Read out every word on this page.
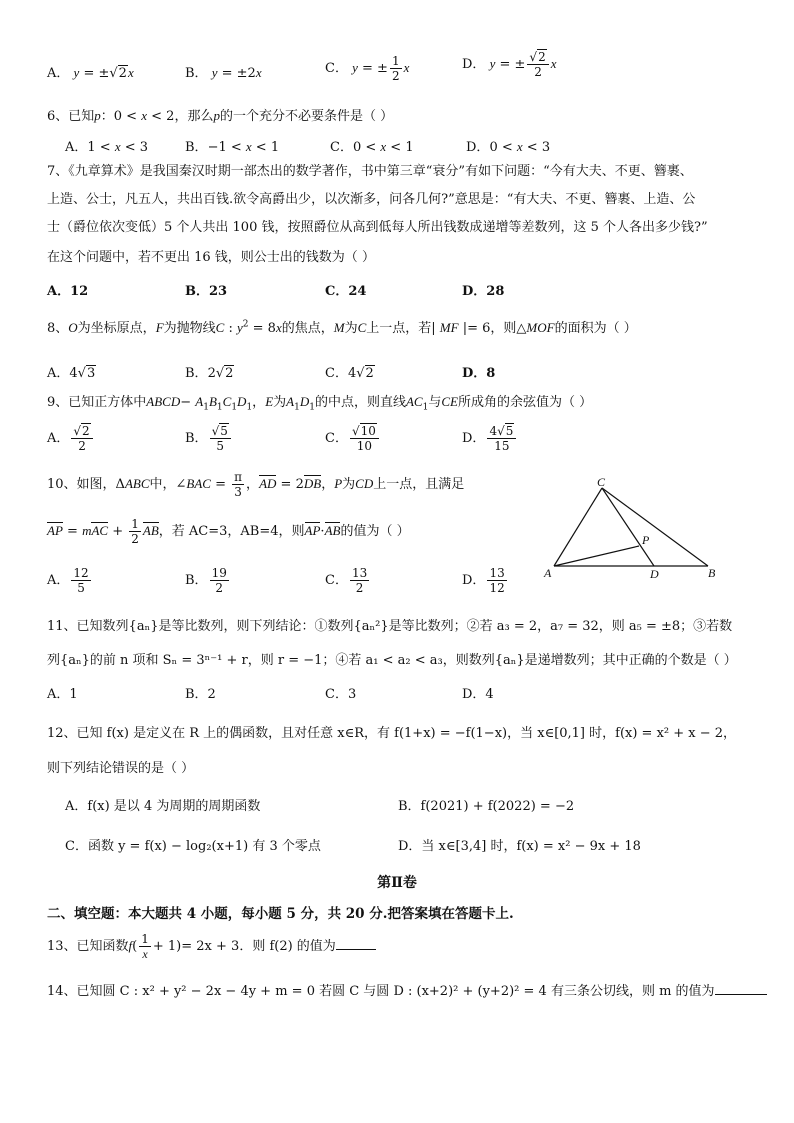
A． y = ±√2x	B． y = ±2x	C． y = ± $\frac{1}{2}$ x	D． y = ± $\frac{√2}{2}$ x
6、已知p：0 < x < 2，那么p的一个充分不必要条件是（ ）
A．1 < x < 3	B．−1 < x < 1	C．0 < x < 1	D．0 < x < 3
7、《九章算术》是我国秦汉时期一部杰出的数学著作，书中第三章“衰分”有如下问题：“今有大夫、不更、簪裹、
上造、公士，凡五人，共出百钱.欲令高爵出少，以次渐多，问各几何?”意思是：“有大夫、不更、簪裹、上造、公
士（爵位依次变低）5 个人共出 100 钱，按照爵位从高到低每人所出钱数成递增等差数列，这 5 个人各出多少钱?”
在这个问题中，若不更出 16 钱，则公士出的钱数为（ ）
A．12	B．23	C．24	D．28
8、O为坐标原点，F为抛物线C : $y^2 = 8x$的焦点，M为C上一点，若| MF |= 6，则△MOF的面积为（ ）
A．4√3	B．2√2	C．4√2	D．8
9、已知正方体中ABCD− $A_1B_1C_1D_1$，E为$A_1D_1$的中点，则直线$AC_1$与CE所成角的余弦值为（ ）
A． $\frac{√2}{2}$	B． $\frac{√5}{5}$	C． $\frac{√10}{10}$	D． $\frac{4√5}{15}$
10、如图，ΔABC中，∠BAC = $\frac{\pi}{3}$ ，AD = 2DB，P为CD上一点，且满足
AP = mAC + $\frac{1}{2}$ AB，若 AC=3，AB=4，则AP·AB的值为（ ）
A． $\frac{12}{5}$	B． $\frac{19}{2}$	C． $\frac{13}{2}$	D． $\frac{13}{12}$
C
P
A	D	B
11、已知数列{aₙ}是等比数列，则下列结论：①数列{aₙ²}是等比数列；②若 a₃ = 2，a₇ = 32，则 a₅ = ±8；③若数
列{aₙ}的前 n 项和 Sₙ = 3ⁿ⁻¹ + r，则 r = −1；④若 a₁ < a₂ < a₃，则数列{aₙ}是递增数列；其中正确的个数是（ ）
A．1	B．2	C．3	D．4
12、已知 f(x) 是定义在 R 上的偶函数，且对任意 x∈R，有 f(1+x) = −f(1−x)，当 x∈[0,1] 时，f(x) = x² + x − 2，
则下列结论错误的是（ ）
A．f(x) 是以 4 为周期的周期函数	B．f(2021) + f(2022) = −2
C．函数 y = f(x) − log₂(x+1) 有 3 个零点	D．当 x∈[3,4] 时，f(x) = x² − 9x + 18
第Ⅱ卷
二、填空题：本大题共 4 小题，每小题 5 分，共 20 分.把答案填在答题卡上.
13、已知函数$f( \frac{1}{x} + 1)= 2x + 3$．则 f(2) 的值为
14、已知圆 C : x² + y² − 2x − 4y + m = 0 若圆 C 与圆 D : (x+2)² + (y+2)² = 4 有三条公切线，则 m 的值为
